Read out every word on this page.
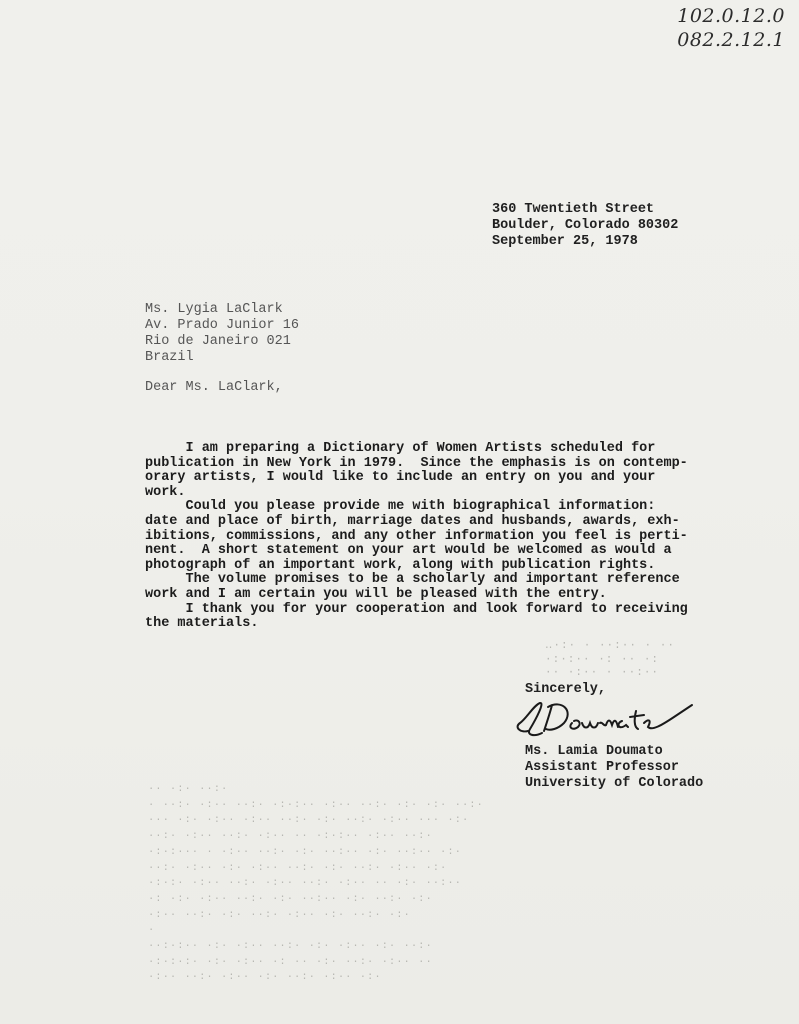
102.0.12.0
082.2.12.1
360 Twentieth Street
Boulder, Colorado 80302
September 25, 1978
Ms. Lygia LaClark
Av. Prado Junior 16
Rio de Janeiro 021
Brazil
Dear Ms. LaClark,
I am preparing a Dictionary of Women Artists scheduled for
publication in New York in 1979.  Since the emphasis is on contemp-
orary artists, I would like to include an entry on you and your
work.
Could you please provide me with biographical information:
date and place of birth, marriage dates and husbands, awards, exh-
ibitions, commissions, and any other information you feel is perti-
nent.  A short statement on your art would be welcomed as would a
photograph of an important work, along with publication rights.
The volume promises to be a scholarly and important reference
work and I am certain you will be pleased with the entry.
I thank you for your cooperation and look forward to receiving
the materials.
‥·:· · ··:·· · ··
·:·:·· ·: ·· ·:
·· ·:·· · ··:··
·· ·:· ··:·
· ··:· ·:·· ··:· ·:·:·· ·:·· ··:· ·:· ·:· ··:·
··· ·:· ·:·· ·:·· ··:· ·:· ··:· ·:·· ··· ·:·
··:· ·:·· ··:· ·:·· ·· ·:·:·· ·:·· ··:·
·:·:··· · ·:·· ··:· ·:· ··:·· ·:· ··:·· ·:·
··:· ·:·· ·:· ·:·· ··:· ·:· ··:· ·:·· ·:·
·:·:· ·:·· ··:· ·:·· ··:· ·:·· ·· ·:· ··:··
·: ·:· ·:·· ··:· ·:· ··:·· ·:· ··:· ·:·
·:·· ··:· ·:· ··:· ·:·· ·:· ··:· ·:·
·
··:·:·· ·:· ·:·· ··:· ·:· ·:·· ·:· ··:·
·:·:·:· ·:· ·:·· ·: ·· ·:· ··:· ·:·· ··
·:·· ··:· ·:·· ·:· ··:· ·:·· ·:·
Sincerely,
Ms. Lamia Doumato
Assistant Professor
University of Colorado
